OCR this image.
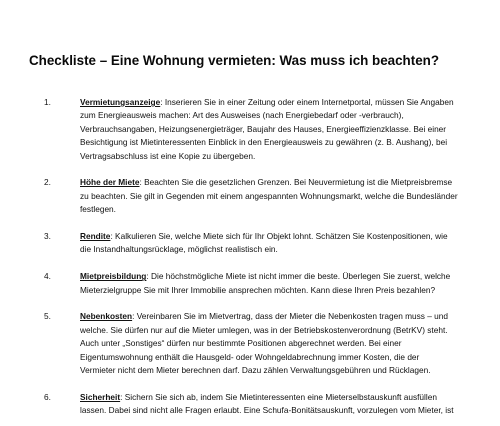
Checkliste – Eine Wohnung vermieten: Was muss ich beachten?
1.	Vermietungsanzeige: Inserieren Sie in einer Zeitung oder einem Internetportal, müssen Sie Angaben
zum Energieausweis machen: Art des Ausweises (nach Energiebedarf oder -verbrauch),
Verbrauchsangaben, Heizungsenergieträger, Baujahr des Hauses, Energieeffizienzklasse. Bei einer
Besichtigung ist Mietinteressenten Einblick in den Energieausweis zu gewähren (z. B. Aushang), bei
Vertragsabschluss ist eine Kopie zu übergeben.
2.	Höhe der Miete: Beachten Sie die gesetzlichen Grenzen. Bei Neuvermietung ist die Mietpreisbremse
zu beachten. Sie gilt in Gegenden mit einem angespannten Wohnungsmarkt, welche die Bundesländer
festlegen.
3.	Rendite: Kalkulieren Sie, welche Miete sich für Ihr Objekt lohnt. Schätzen Sie Kostenpositionen, wie
die Instandhaltungsrücklage, möglichst realistisch ein.
4.	Mietpreisbildung: Die höchstmögliche Miete ist nicht immer die beste. Überlegen Sie zuerst, welche
Mieterzielgruppe Sie mit Ihrer Immobilie ansprechen möchten. Kann diese Ihren Preis bezahlen?
5.	Nebenkosten: Vereinbaren Sie im Mietvertrag, dass der Mieter die Nebenkosten tragen muss – und
welche. Sie dürfen nur auf die Mieter umlegen, was in der Betriebskostenverordnung (BetrKV) steht.
Auch unter „Sonstiges“ dürfen nur bestimmte Positionen abgerechnet werden. Bei einer
Eigentumswohnung enthält die Hausgeld- oder Wohngeldabrechnung immer Kosten, die der
Vermieter nicht dem Mieter berechnen darf. Dazu zählen Verwaltungsgebühren und Rücklagen.
6.	Sicherheit: Sichern Sie sich ab, indem Sie Mietinteressenten eine Mieterselbstauskunft ausfüllen
lassen. Dabei sind nicht alle Fragen erlaubt. Eine Schufa-Bonitätsauskunft, vorzulegen vom Mieter, ist
